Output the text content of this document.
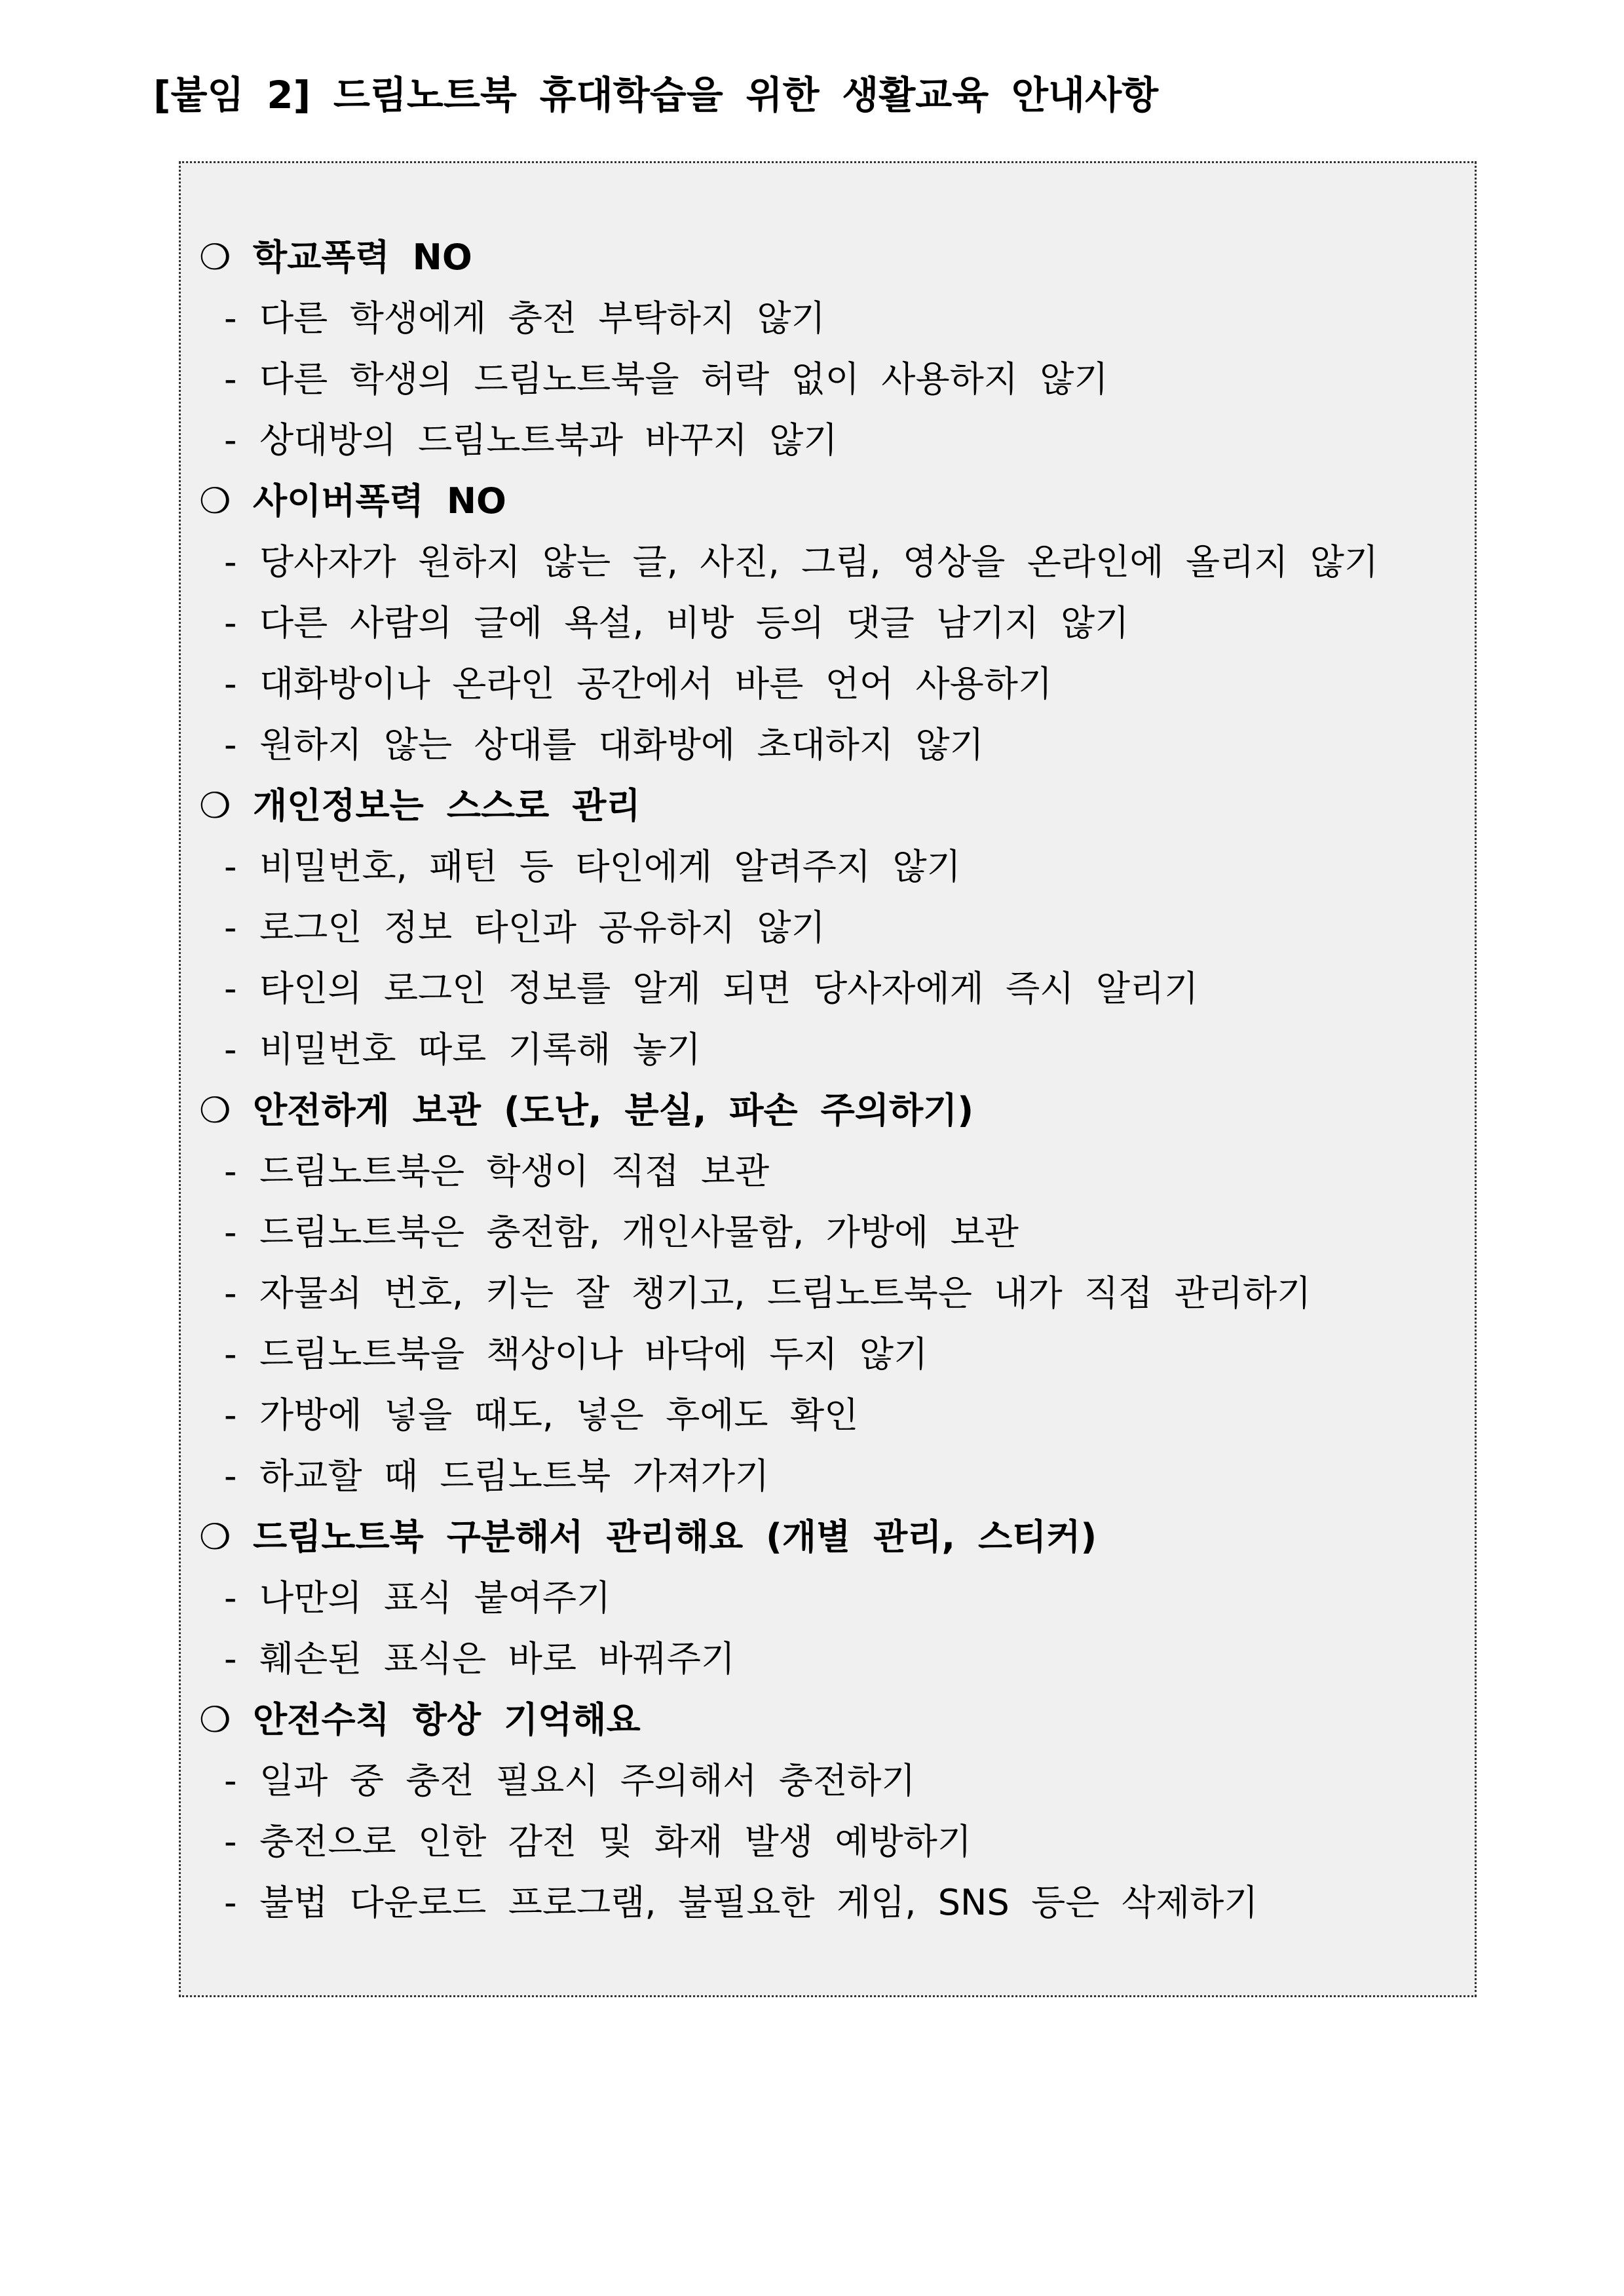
[붙임 2] 드림노트북 휴대학습을 위한 생활교육 안내사항
❍ 학교폭력 NO
- 다른 학생에게 충전 부탁하지 않기
- 다른 학생의 드림노트북을 허락 없이 사용하지 않기
- 상대방의 드림노트북과 바꾸지 않기
❍ 사이버폭력 NO
- 당사자가 원하지 않는 글, 사진, 그림, 영상을 온라인에 올리지 않기
- 다른 사람의 글에 욕설, 비방 등의 댓글 남기지 않기
- 대화방이나 온라인 공간에서 바른 언어 사용하기
- 원하지 않는 상대를 대화방에 초대하지 않기
❍ 개인정보는 스스로 관리
- 비밀번호, 패턴 등 타인에게 알려주지 않기
- 로그인 정보 타인과 공유하지 않기
- 타인의 로그인 정보를 알게 되면 당사자에게 즉시 알리기
- 비밀번호 따로 기록해 놓기
❍ 안전하게 보관 (도난, 분실, 파손 주의하기)
- 드림노트북은 학생이 직접 보관
- 드림노트북은 충전함, 개인사물함, 가방에 보관
- 자물쇠 번호, 키는 잘 챙기고, 드림노트북은 내가 직접 관리하기
- 드림노트북을 책상이나 바닥에 두지 않기
- 가방에 넣을 때도, 넣은 후에도 확인
- 하교할 때 드림노트북 가져가기
❍ 드림노트북 구분해서 관리해요 (개별 관리, 스티커)
- 나만의 표식 붙여주기
- 훼손된 표식은 바로 바꿔주기
❍ 안전수칙 항상 기억해요
- 일과 중 충전 필요시 주의해서 충전하기
- 충전으로 인한 감전 및 화재 발생 예방하기
- 불법 다운로드 프로그램, 불필요한 게임, SNS 등은 삭제하기
